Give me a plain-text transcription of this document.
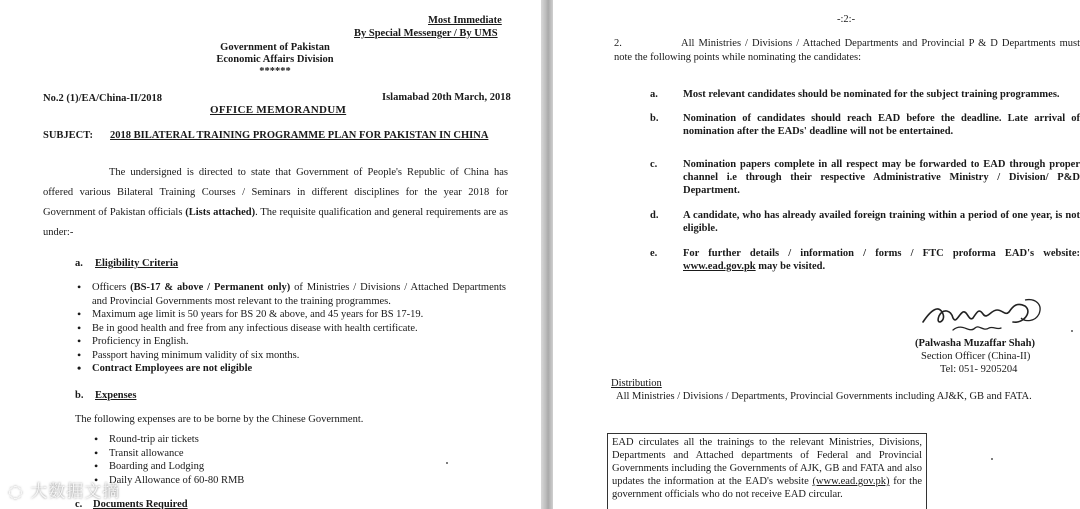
Most Immediate
By Special Messenger / By UMS
Government of Pakistan
Economic Affairs Division
******
No.2 (1)/EA/China-II/2018	Islamabad 20th March, 2018
OFFICE MEMORANDUM
SUBJECT: 2018 BILATERAL TRAINING PROGRAMME PLAN FOR PAKISTAN IN CHINA
The undersigned is directed to state that Government of People's Republic of China has offered various Bilateral Training Courses / Seminars in different disciplines for the year 2018 for Government of Pakistan officials (Lists attached). The requisite qualification and general requirements are as under:-
a. Eligibility Criteria
• Officers (BS-17 & above / Permanent only) of Ministries / Divisions / Attached Departments and Provincial Governments most relevant to the training programmes.
• Maximum age limit is 50 years for BS 20 & above, and 45 years for BS 17-19.
• Be in good health and free from any infectious disease with health certificate.
• Proficiency in English.
• Passport having minimum validity of six months.
• Contract Employees are not eligible
b. Expenses
The following expenses are to be borne by the Chinese Government.
• Round-trip air tickets
• Transit allowance
• Boarding and Lodging
• Daily Allowance of 60-80 RMB
c. Documents Required
-:2:-
2.	All Ministries / Divisions / Attached Departments and Provincial P & D Departments must note the following points while nominating the candidates:
a. Most relevant candidates should be nominated for the subject training programmes.
b. Nomination of candidates should reach EAD before the deadline. Late arrival of nomination after the EADs' deadline will not be entertained.
c. Nomination papers complete in all respect may be forwarded to EAD through proper channel i.e through their respective Administrative Ministry / Division/ P&D Department.
d. A candidate, who has already availed foreign training within a period of one year, is not eligible.
e. For further details / information / forms / FTC proforma EAD's website: www.ead.gov.pk may be visited.
(Palwasha Muzaffar Shah)
Section Officer (China-II)
Tel: 051- 9205204
Distribution
All Ministries / Divisions / Departments, Provincial Governments including AJ&K, GB and FATA.
EAD circulates all the trainings to the relevant Ministries, Divisions, Departments and Attached departments of Federal and Provincial Governments including the Governments of AJK, GB and FATA and also updates the information at the EAD's website (www.ead.gov.pk) for the government officials who do not receive EAD circular.
◌ 大数据文摘
